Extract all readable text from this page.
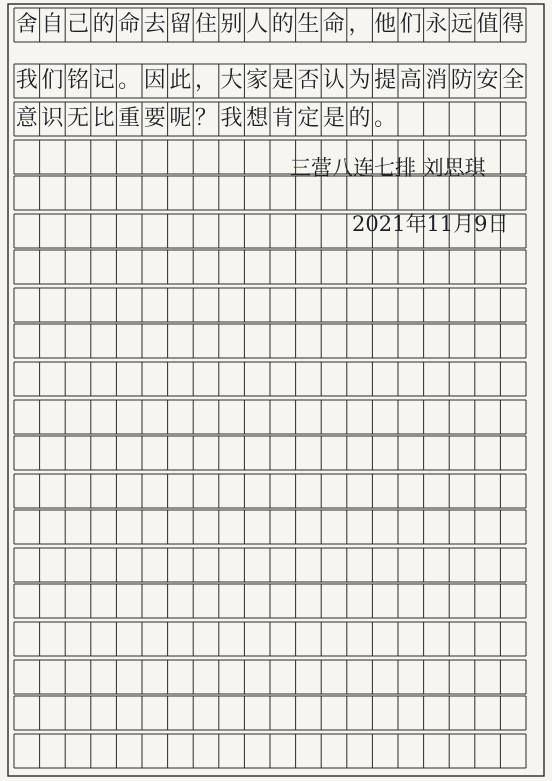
舍 自 己 的 命 去 留 住 别 人 的 生 命 ， 他 们 永 远 值 得
我 们 铭 记 。 因 此 ， 大 家 是 否 认 为 提 高 消 防 安 全
意 识 无 比 重 要 呢 ？ 我 想 肯 定 是 的 。
三营八连七排 刘思琪
2021年11月9日
